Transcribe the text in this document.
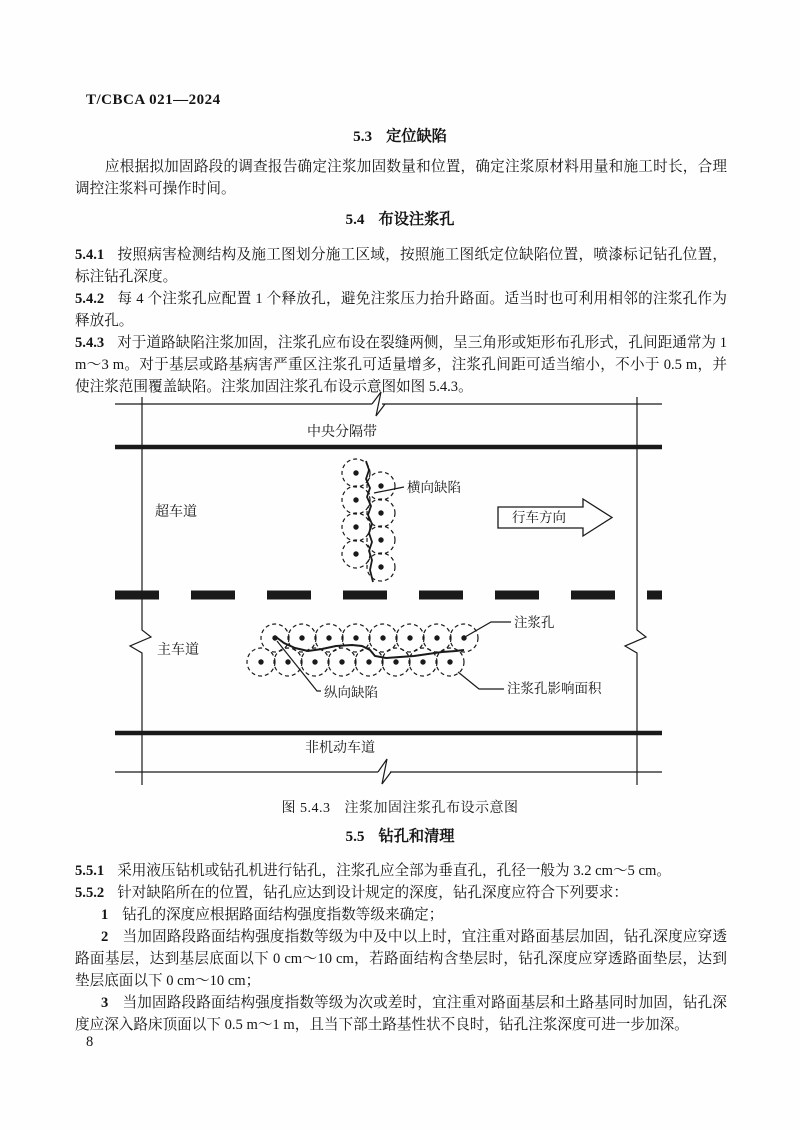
T/CBCA 021—2024
5.3 定位缺陷

应根据拟加固路段的调查报告确定注浆加固数量和位置，确定注浆原材料用量和施工时长，合理调控注浆料可操作时间。

5.4 布设注浆孔

5.4.1 按照病害检测结构及施工图划分施工区域，按照施工图纸定位缺陷位置，喷漆标记钻孔位置，标注钻孔深度。

5.4.2 每 4 个注浆孔应配置 1 个释放孔，避免注浆压力抬升路面。适当时也可利用相邻的注浆孔作为释放孔。

5.4.3 对于道路缺陷注浆加固，注浆孔应布设在裂缝两侧，呈三角形或矩形布孔形式，孔间距通常为 1 m～3 m。对于基层或路基病害严重区注浆孔可适量增多，注浆孔间距可适当缩小，不小于 0.5 m，并使注浆范围覆盖缺陷。注浆加固注浆孔布设示意图如图 5.4.3。

中央分隔带
超车道
横向缺陷
行车方向
主车道
纵向缺陷
注浆孔
注浆孔影响面积
非机动车道
图 5.4.3 注浆加固注浆孔布设示意图
5.5 钻孔和清理

5.5.1 采用液压钻机或钻孔机进行钻孔，注浆孔应全部为垂直孔，孔径一般为 3.2 cm～5 cm。

5.5.2 针对缺陷所在的位置，钻孔应达到设计规定的深度，钻孔深度应符合下列要求：

1 钻孔的深度应根据路面结构强度指数等级来确定；

2 当加固路段路面结构强度指数等级为中及中以上时，宜注重对路面基层加固，钻孔深度应穿透路面基层，达到基层底面以下 0 cm～10 cm，若路面结构含垫层时，钻孔深度应穿透路面垫层，达到垫层底面以下 0 cm～10 cm；

3 当加固路段路面结构强度指数等级为次或差时，宜注重对路面基层和土路基同时加固，钻孔深度应深入路床顶面以下 0.5 m～1 m，且当下部土路基性状不良时，钻孔注浆深度可进一步加深。

8
